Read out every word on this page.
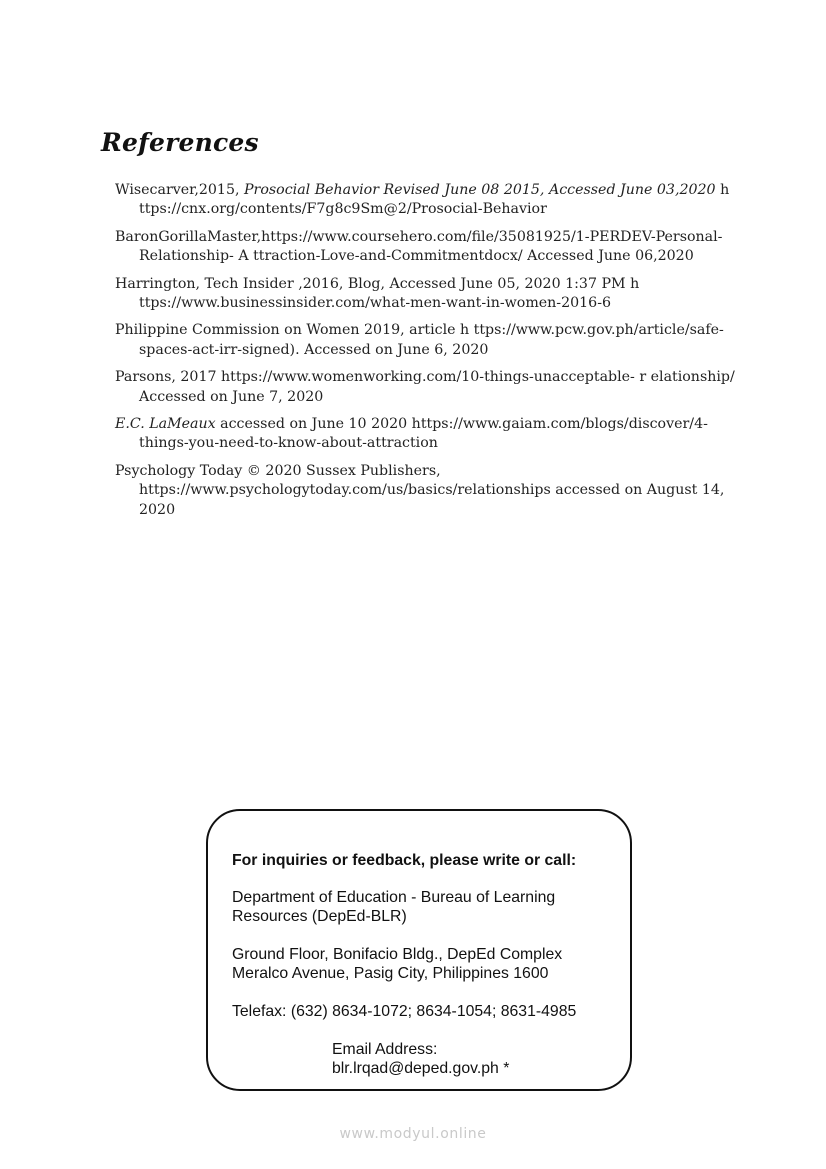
References

Wisecarver,2015, Prosocial Behavior Revised June 08 2015, Accessed June 03,2020 h ttps://cnx.org/contents/F7g8c9Sm@2/Prosocial-Behavior

BaronGorillaMaster,https://www.coursehero.com/file/35081925/1-PERDEV-Personal-Relationship- A ttraction-Love-and-Commitmentdocx/ Accessed June 06,2020

Harrington, Tech Insider ,2016, Blog, Accessed June 05, 2020 1:37 PM h ttps://www.businessinsider.com/what-men-want-in-women-2016-6

Philippine Commission on Women 2019, article h ttps://www.pcw.gov.ph/article/safe-spaces-act-irr-signed). Accessed on June 6, 2020

Parsons, 2017 https://www.womenworking.com/10-things-unacceptable- r elationship/ Accessed on June 7, 2020

E.C. LaMeaux accessed on June 10 2020 https://www.gaiam.com/blogs/discover/4-things-you-need-to-know-about-attraction

Psychology Today © 2020 Sussex Publishers, https://www.psychologytoday.com/us/basics/relationships accessed on August 14, 2020

For inquiries or feedback, please write or call:

Department of Education - Bureau of Learning
Resources (DepEd-BLR)

Ground Floor, Bonifacio Bldg., DepEd Complex
Meralco Avenue, Pasig City, Philippines 1600

Telefax: (632) 8634-1072; 8634-1054; 8631-4985

Email Address:
blr.lrqad@deped.gov.ph *

www.modyul.online
